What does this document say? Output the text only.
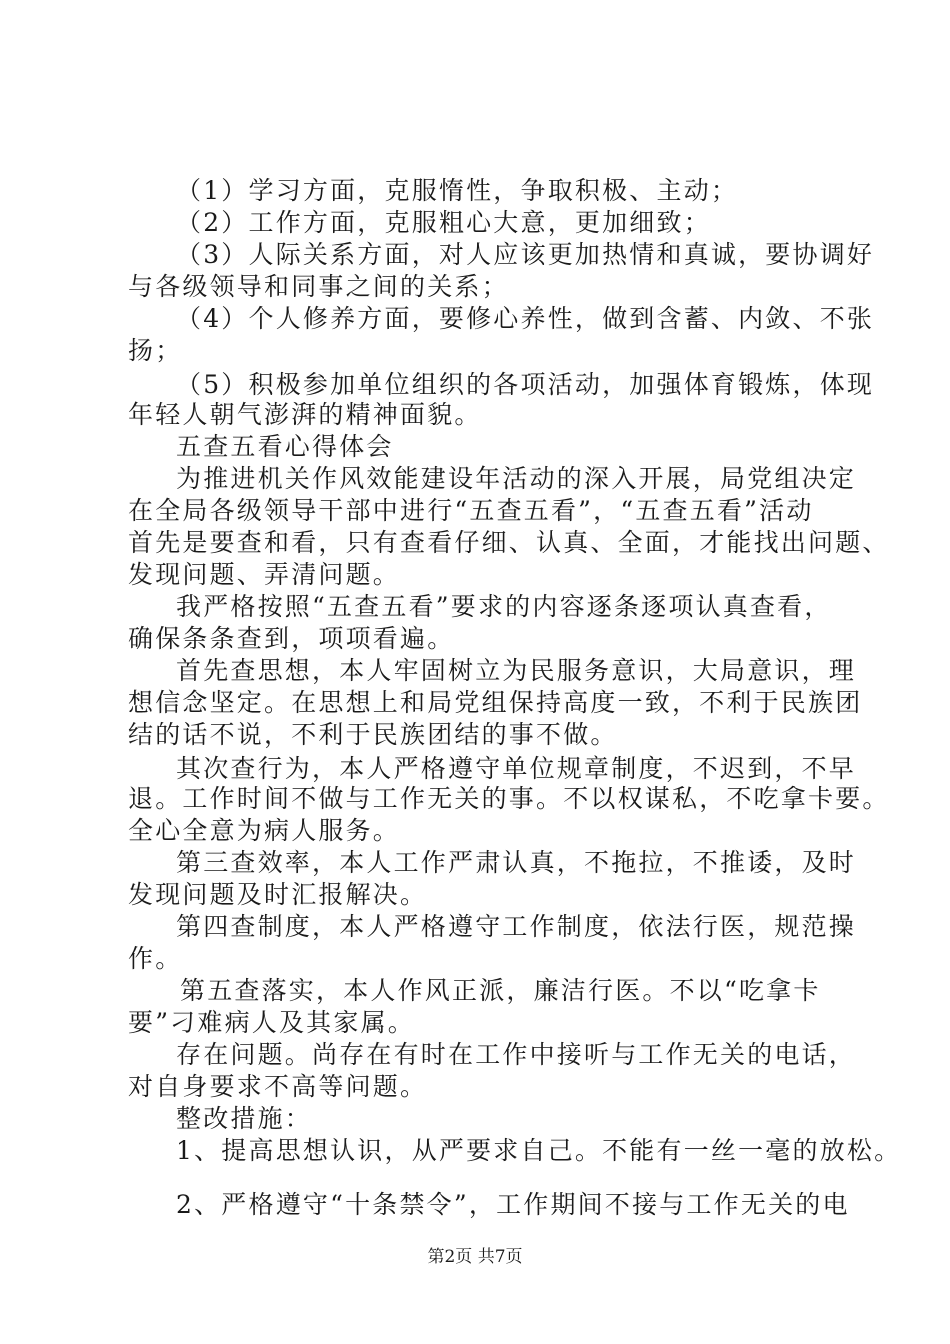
（1）学习方面，克服惰性，争取积极、主动；
（2）工作方面，克服粗心大意，更加细致；
（3）人际关系方面，对人应该更加热情和真诚，要协调好
与各级领导和同事之间的关系；
（4）个人修养方面，要修心养性，做到含蓄、内敛、不张
扬；
（5）积极参加单位组织的各项活动，加强体育锻炼，体现
年轻人朝气澎湃的精神面貌。
五查五看心得体会
为推进机关作风效能建设年活动的深入开展，局党组决定
在全局各级领导干部中进行“五查五看”，“五查五看”活动
首先是要查和看，只有查看仔细、认真、全面，才能找出问题、
发现问题、弄清问题。
我严格按照“五查五看”要求的内容逐条逐项认真查看，
确保条条查到，项项看遍。
首先查思想，本人牢固树立为民服务意识，大局意识，理
想信念坚定。在思想上和局党组保持高度一致，不利于民族团
结的话不说，不利于民族团结的事不做。
其次查行为，本人严格遵守单位规章制度，不迟到，不早
退。工作时间不做与工作无关的事。不以权谋私，不吃拿卡要。
全心全意为病人服务。
第三查效率，本人工作严肃认真，不拖拉，不推诿，及时
发现问题及时汇报解决。
第四查制度，本人严格遵守工作制度，依法行医，规范操
作。
第五查落实，本人作风正派，廉洁行医。不以“吃拿卡
要”刁难病人及其家属。
存在问题。尚存在有时在工作中接听与工作无关的电话，
对自身要求不高等问题。
整改措施：
1、提高思想认识，从严要求自己。不能有一丝一毫的放松。
2、严格遵守“十条禁令”，工作期间不接与工作无关的电
第2页 共7页
